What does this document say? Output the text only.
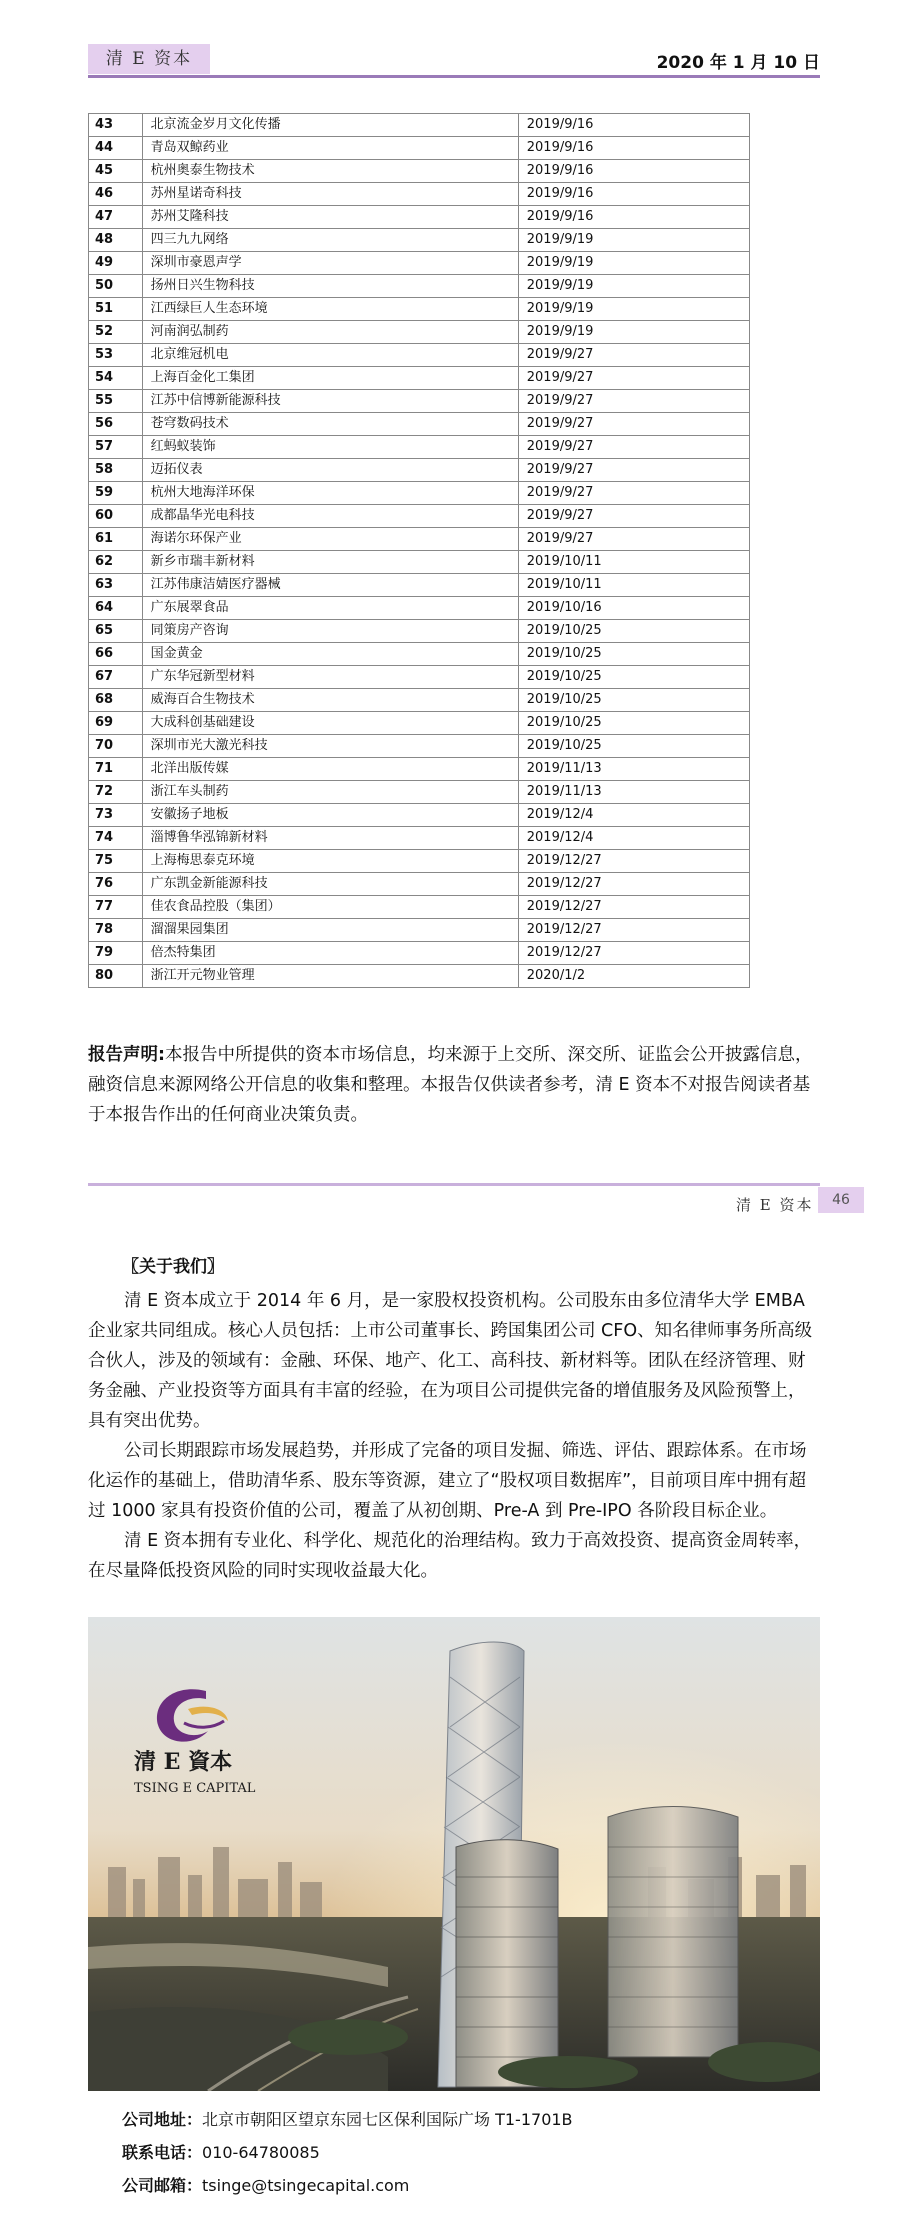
清 E 资本	2020 年 1 月 10 日
43	北京流金岁月文化传播	2019/9/16
44	青岛双鲸药业	2019/9/16
45	杭州奥泰生物技术	2019/9/16
46	苏州星诺奇科技	2019/9/16
47	苏州艾隆科技	2019/9/16
48	四三九九网络	2019/9/19
49	深圳市豪恩声学	2019/9/19
50	扬州日兴生物科技	2019/9/19
51	江西绿巨人生态环境	2019/9/19
52	河南润弘制药	2019/9/19
53	北京维冠机电	2019/9/27
54	上海百金化工集团	2019/9/27
55	江苏中信博新能源科技	2019/9/27
56	苍穹数码技术	2019/9/27
57	红蚂蚁装饰	2019/9/27
58	迈拓仪表	2019/9/27
59	杭州大地海洋环保	2019/9/27
60	成都晶华光电科技	2019/9/27
61	海诺尔环保产业	2019/9/27
62	新乡市瑞丰新材料	2019/10/11
63	江苏伟康洁婧医疗器械	2019/10/11
64	广东展翠食品	2019/10/16
65	同策房产咨询	2019/10/25
66	国金黄金	2019/10/25
67	广东华冠新型材料	2019/10/25
68	威海百合生物技术	2019/10/25
69	大成科创基础建设	2019/10/25
70	深圳市光大激光科技	2019/10/25
71	北洋出版传媒	2019/11/13
72	浙江车头制药	2019/11/13
73	安徽扬子地板	2019/12/4
74	淄博鲁华泓锦新材料	2019/12/4
75	上海梅思泰克环境	2019/12/27
76	广东凯金新能源科技	2019/12/27
77	佳农食品控股（集团）	2019/12/27
78	溜溜果园集团	2019/12/27
79	倍杰特集团	2019/12/27
80	浙江开元物业管理	2020/1/2
报告声明:本报告中所提供的资本市场信息，均来源于上交所、深交所、证监会公开披露信息，融资信息来源网络公开信息的收集和整理。本报告仅供读者参考，清 E 资本不对报告阅读者基于本报告作出的任何商业决策负责。
清 E 资本	46
〖关于我们〗

清 E 资本成立于 2014 年 6 月，是一家股权投资机构。公司股东由多位清华大学 EMBA 企业家共同组成。核心人员包括：上市公司董事长、跨国集团公司 CFO、知名律师事务所高级合伙人，涉及的领域有：金融、环保、地产、化工、高科技、新材料等。团队在经济管理、财务金融、产业投资等方面具有丰富的经验，在为项目公司提供完备的增值服务及风险预警上，具有突出优势。

公司长期跟踪市场发展趋势，并形成了完备的项目发掘、筛选、评估、跟踪体系。在市场化运作的基础上，借助清华系、股东等资源，建立了“股权项目数据库”，目前项目库中拥有超过 1000 家具有投资价值的公司，覆盖了从初创期、Pre-A 到 Pre-IPO 各阶段目标企业。

清 E 资本拥有专业化、科学化、规范化的治理结构。致力于高效投资、提高资金周转率，在尽量降低投资风险的同时实现收益最大化。

清 E 資本
TSING E CAPITAL
公司地址：北京市朝阳区望京东园七区保利国际广场 T1-1701B
联系电话：010-64780085
公司邮箱：tsinge@tsingecapital.com
